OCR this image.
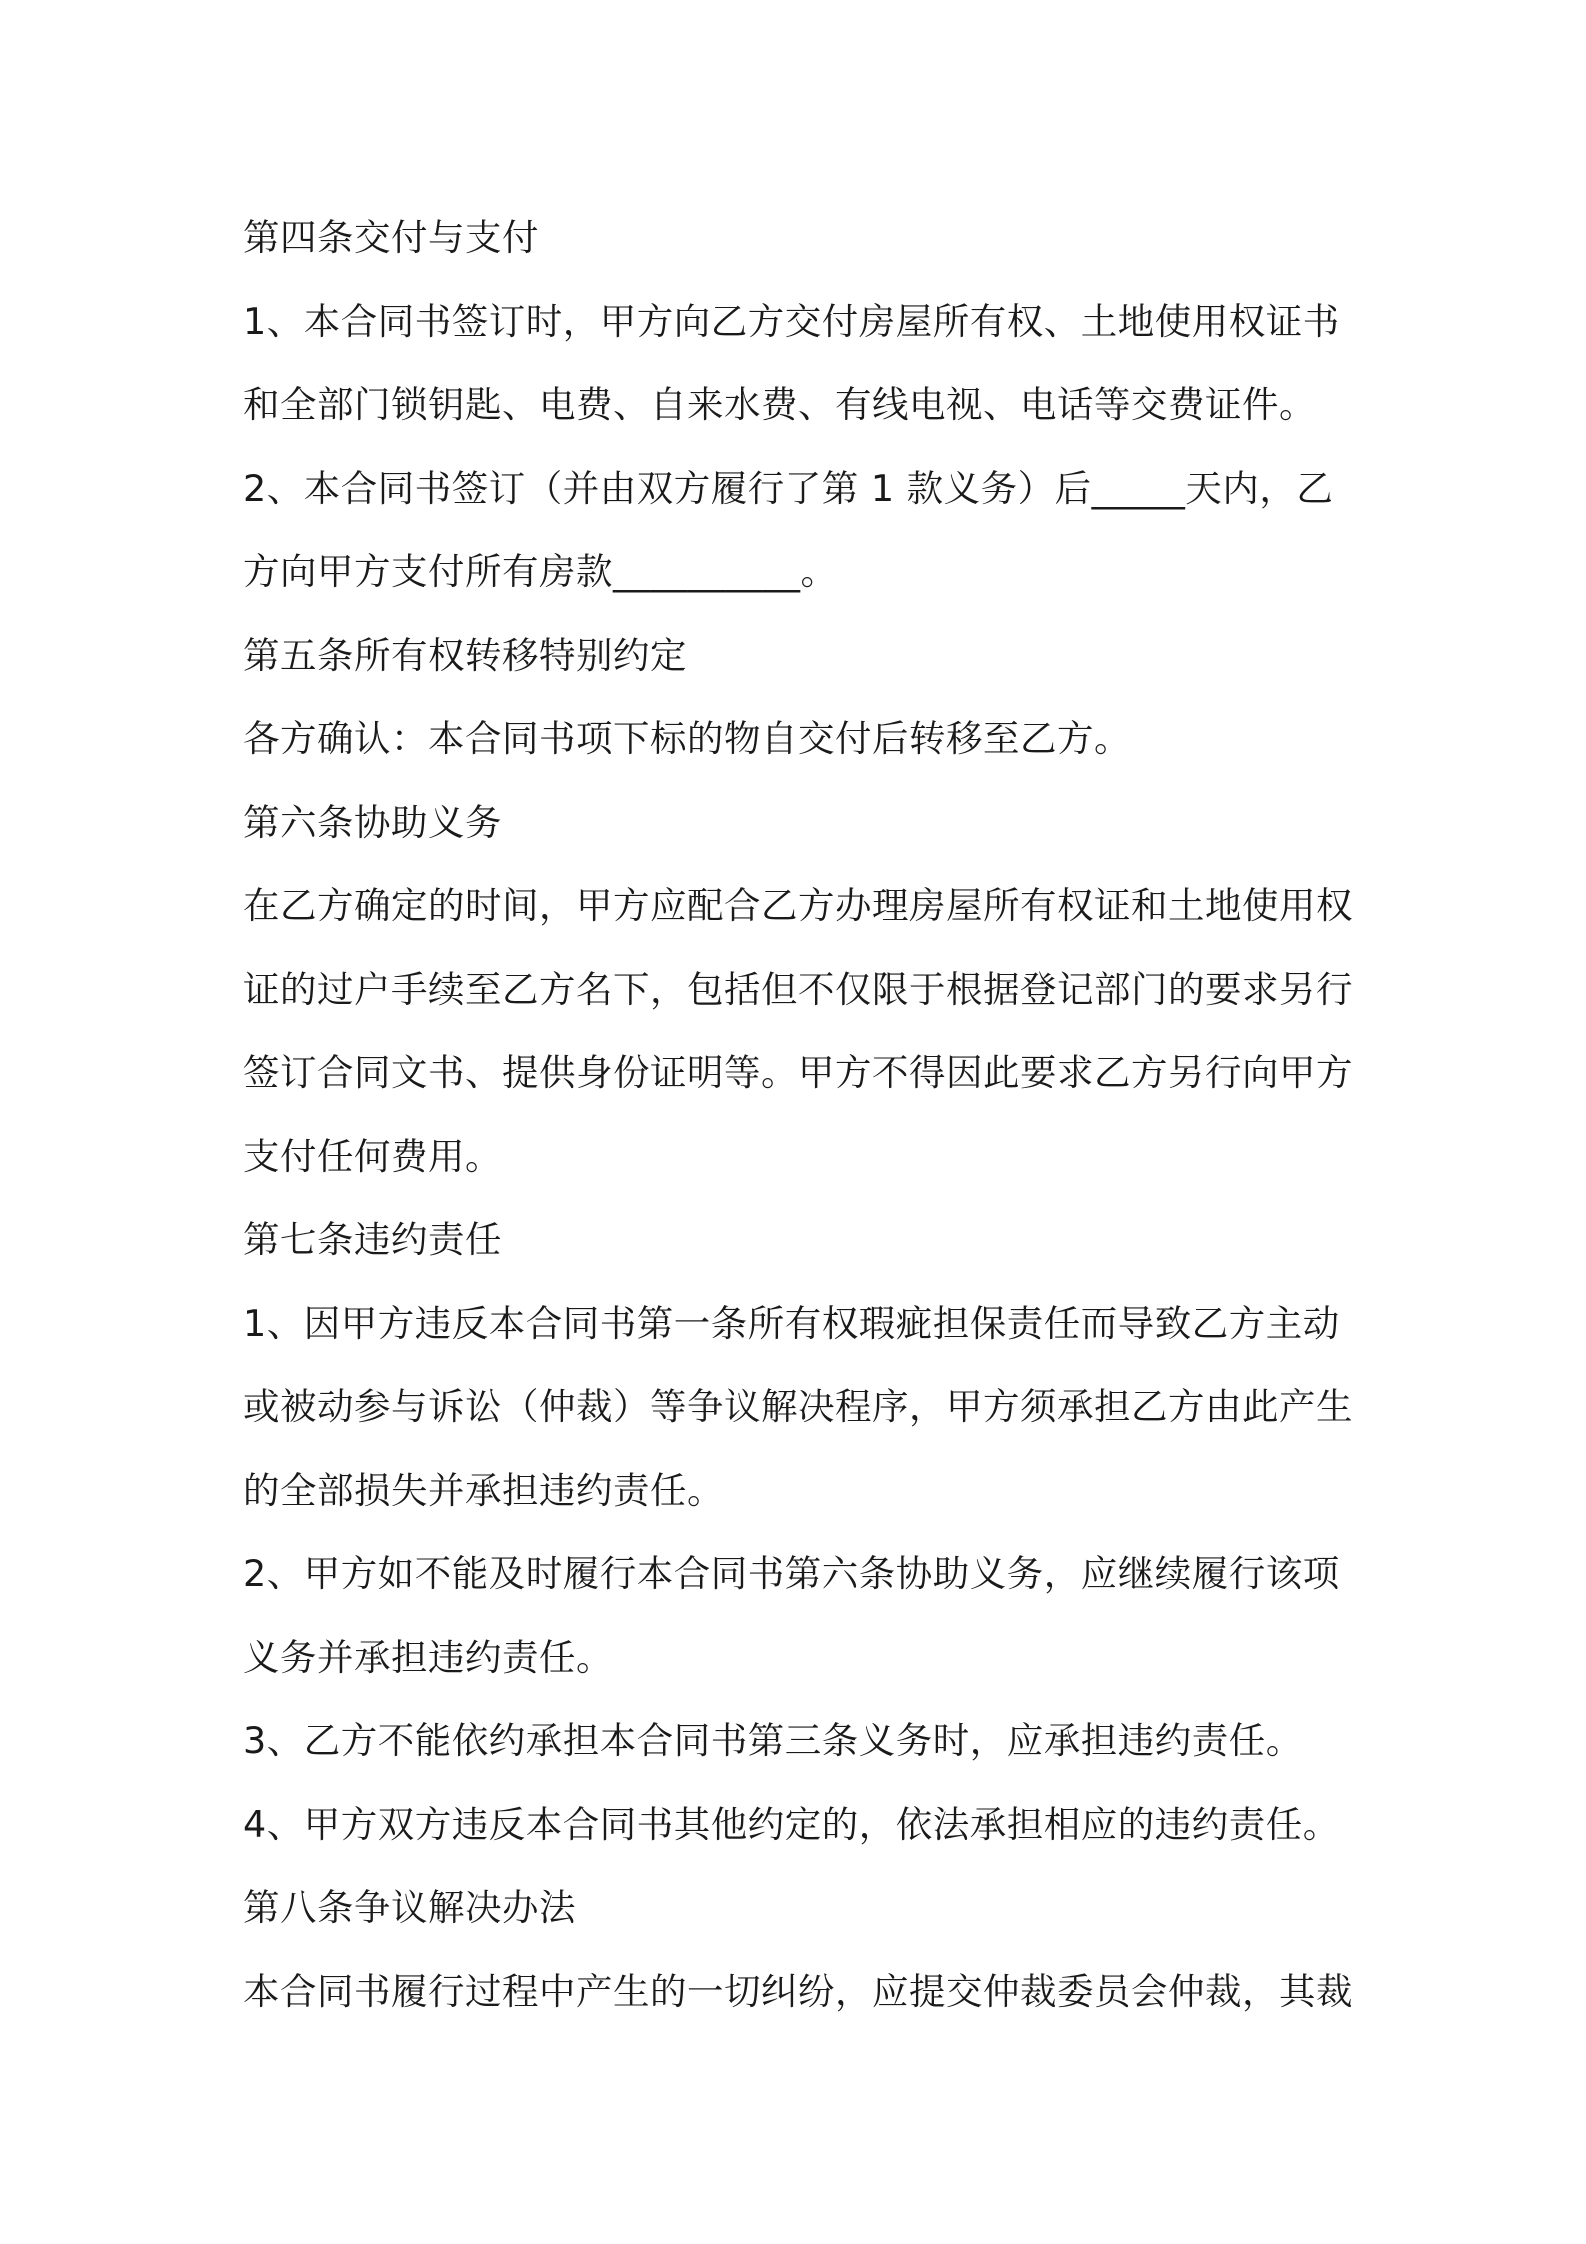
第四条交付与支付
1、本合同书签订时，甲方向乙方交付房屋所有权、土地使用权证书
和全部门锁钥匙、电费、自来水费、有线电视、电话等交费证件。
2、本合同书签订（并由双方履行了第 1 款义务）后_____天内，乙
方向甲方支付所有房款__________。
第五条所有权转移特别约定
各方确认：本合同书项下标的物自交付后转移至乙方。
第六条协助义务
在乙方确定的时间，甲方应配合乙方办理房屋所有权证和土地使用权
证的过户手续至乙方名下，包括但不仅限于根据登记部门的要求另行
签订合同文书、提供身份证明等。甲方不得因此要求乙方另行向甲方
支付任何费用。
第七条违约责任
1、因甲方违反本合同书第一条所有权瑕疵担保责任而导致乙方主动
或被动参与诉讼（仲裁）等争议解决程序，甲方须承担乙方由此产生
的全部损失并承担违约责任。
2、甲方如不能及时履行本合同书第六条协助义务，应继续履行该项
义务并承担违约责任。
3、乙方不能依约承担本合同书第三条义务时，应承担违约责任。
4、甲方双方违反本合同书其他约定的，依法承担相应的违约责任。
第八条争议解决办法
本合同书履行过程中产生的一切纠纷，应提交仲裁委员会仲裁，其裁
